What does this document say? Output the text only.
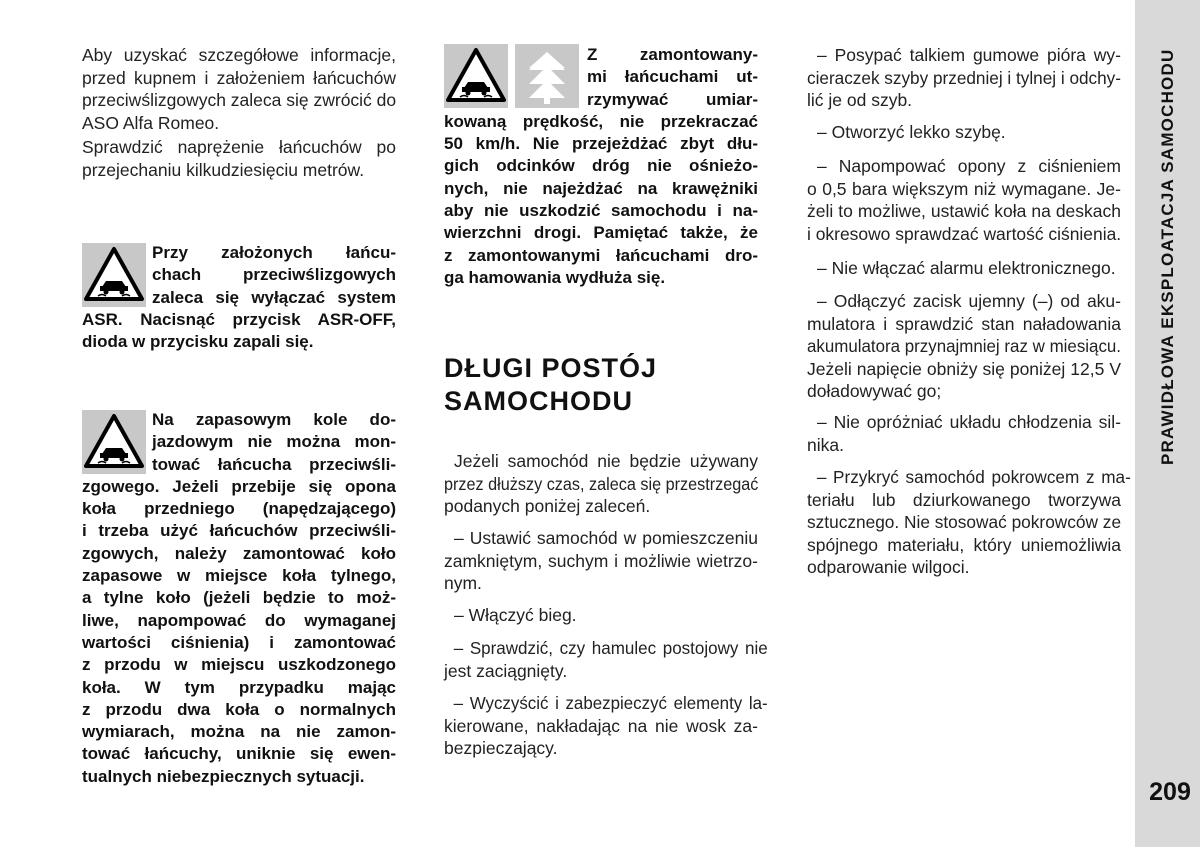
Aby uzyskać szczegółowe informacje,
przed kupnem i założeniem łańcuchów
przeciwślizgowych zaleca się zwrócić do
ASO Alfa Romeo.
Sprawdzić naprężenie łańcuchów po
przejechaniu kilkudziesięciu metrów.
Przy założonych łańcu-
chach przeciwślizgowych
zaleca się wyłączać system
ASR. Nacisnąć przycisk ASR-OFF,
dioda w przycisku zapali się.
Na zapasowym kole do-
jazdowym nie można mon-
tować łańcucha przeciwśli-
zgowego. Jeżeli przebije się opona
koła przedniego (napędzającego)
i trzeba użyć łańcuchów przeciwśli-
zgowych, należy zamontować koło
zapasowe w miejsce koła tylnego,
a tylne koło (jeżeli będzie to moż-
liwe, napompować do wymaganej
wartości ciśnienia) i zamontować
z przodu w miejscu uszkodzonego
koła. W tym przypadku mając
z przodu dwa koła o normalnych
wymiarach, można na nie zamon-
tować łańcuchy, uniknie się ewen-
tualnych niebezpiecznych sytuacji.
Z zamontowany-
mi łańcuchami ut-
rzymywać umiar-
kowaną prędkość, nie przekraczać
50 km/h. Nie przejeżdżać zbyt dłu-
gich odcinków dróg nie ośnieżo-
nych, nie najeżdżać na krawężniki
aby nie uszkodzić samochodu i na-
wierzchni drogi. Pamiętać także, że
z zamontowanymi łańcuchami dro-
ga hamowania wydłuża się.
DŁUGI POSTÓJ
SAMOCHODU
Jeżeli samochód nie będzie używany
przez dłuższy czas, zaleca się przestrzegać
podanych poniżej zaleceń.
– Ustawić samochód w pomieszczeniu
zamkniętym, suchym i możliwie wietrzo-
nym.
– Włączyć bieg.
– Sprawdzić, czy hamulec postojowy nie
jest zaciągnięty.
– Wyczyścić i zabezpieczyć elementy la-
kierowane, nakładając na nie wosk za-
bezpieczający.
– Posypać talkiem gumowe pióra wy-
cieraczek szyby przedniej i tylnej i odchy-
lić je od szyb.
– Otworzyć lekko szybę.
– Napompować opony z ciśnieniem
o 0,5 bara większym niż wymagane. Je-
żeli to możliwe, ustawić koła na deskach
i okresowo sprawdzać wartość ciśnienia.
– Nie włączać alarmu elektronicznego.
– Odłączyć zacisk ujemny (–) od aku-
mulatora i sprawdzić stan naładowania
akumulatora przynajmniej raz w miesiącu.
Jeżeli napięcie obniży się poniżej 12,5 V
doładowywać go;
– Nie opróżniać układu chłodzenia sil-
nika.
– Przykryć samochód pokrowcem z ma-
teriału lub dziurkowanego tworzywa
sztucznego. Nie stosować pokrowców ze
spójnego materiału, który uniemożliwia
odparowanie wilgoci.
PRAWIDŁOWA EKSPLOATACJA SAMOCHODU
209
